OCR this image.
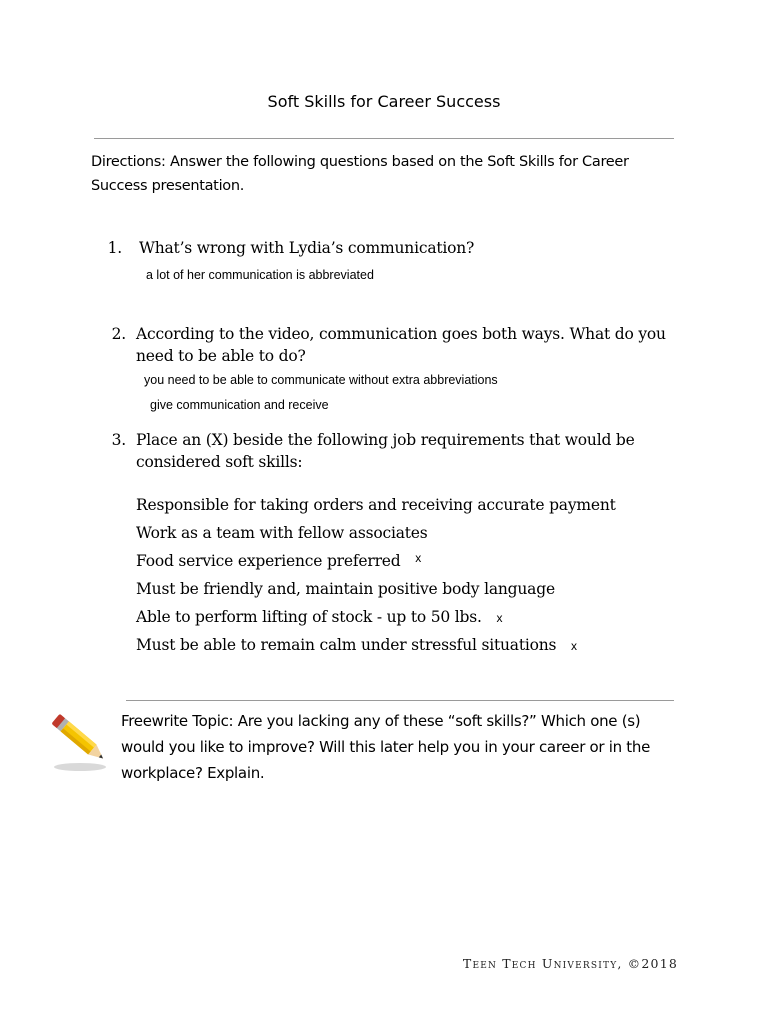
Soft Skills for Career Success
Directions: Answer the following questions based on the Soft Skills for Career Success presentation.
1. What’s wrong with Lydia’s communication?
a lot of her communication is abbreviated
2. According to the video, communication goes both ways. What do you
need to be able to do?
you need to be able to communicate without extra abbreviations
give communication and receive
3. Place an (X) beside the following job requirements that would be
considered soft skills:
Responsible for taking orders and receiving accurate payment
Work as a team with fellow associates
Food service experience preferred $^x$
Must be friendly and, maintain positive body language
Able to perform lifting of stock - up to 50 lbs. x
Must be able to remain calm under stressful situations x
Freewrite Topic: Are you lacking any of these “soft skills?” Which one (s) would you like to improve? Will this later help you in your career or in the workplace? Explain.
Teen Tech University, ©2018
